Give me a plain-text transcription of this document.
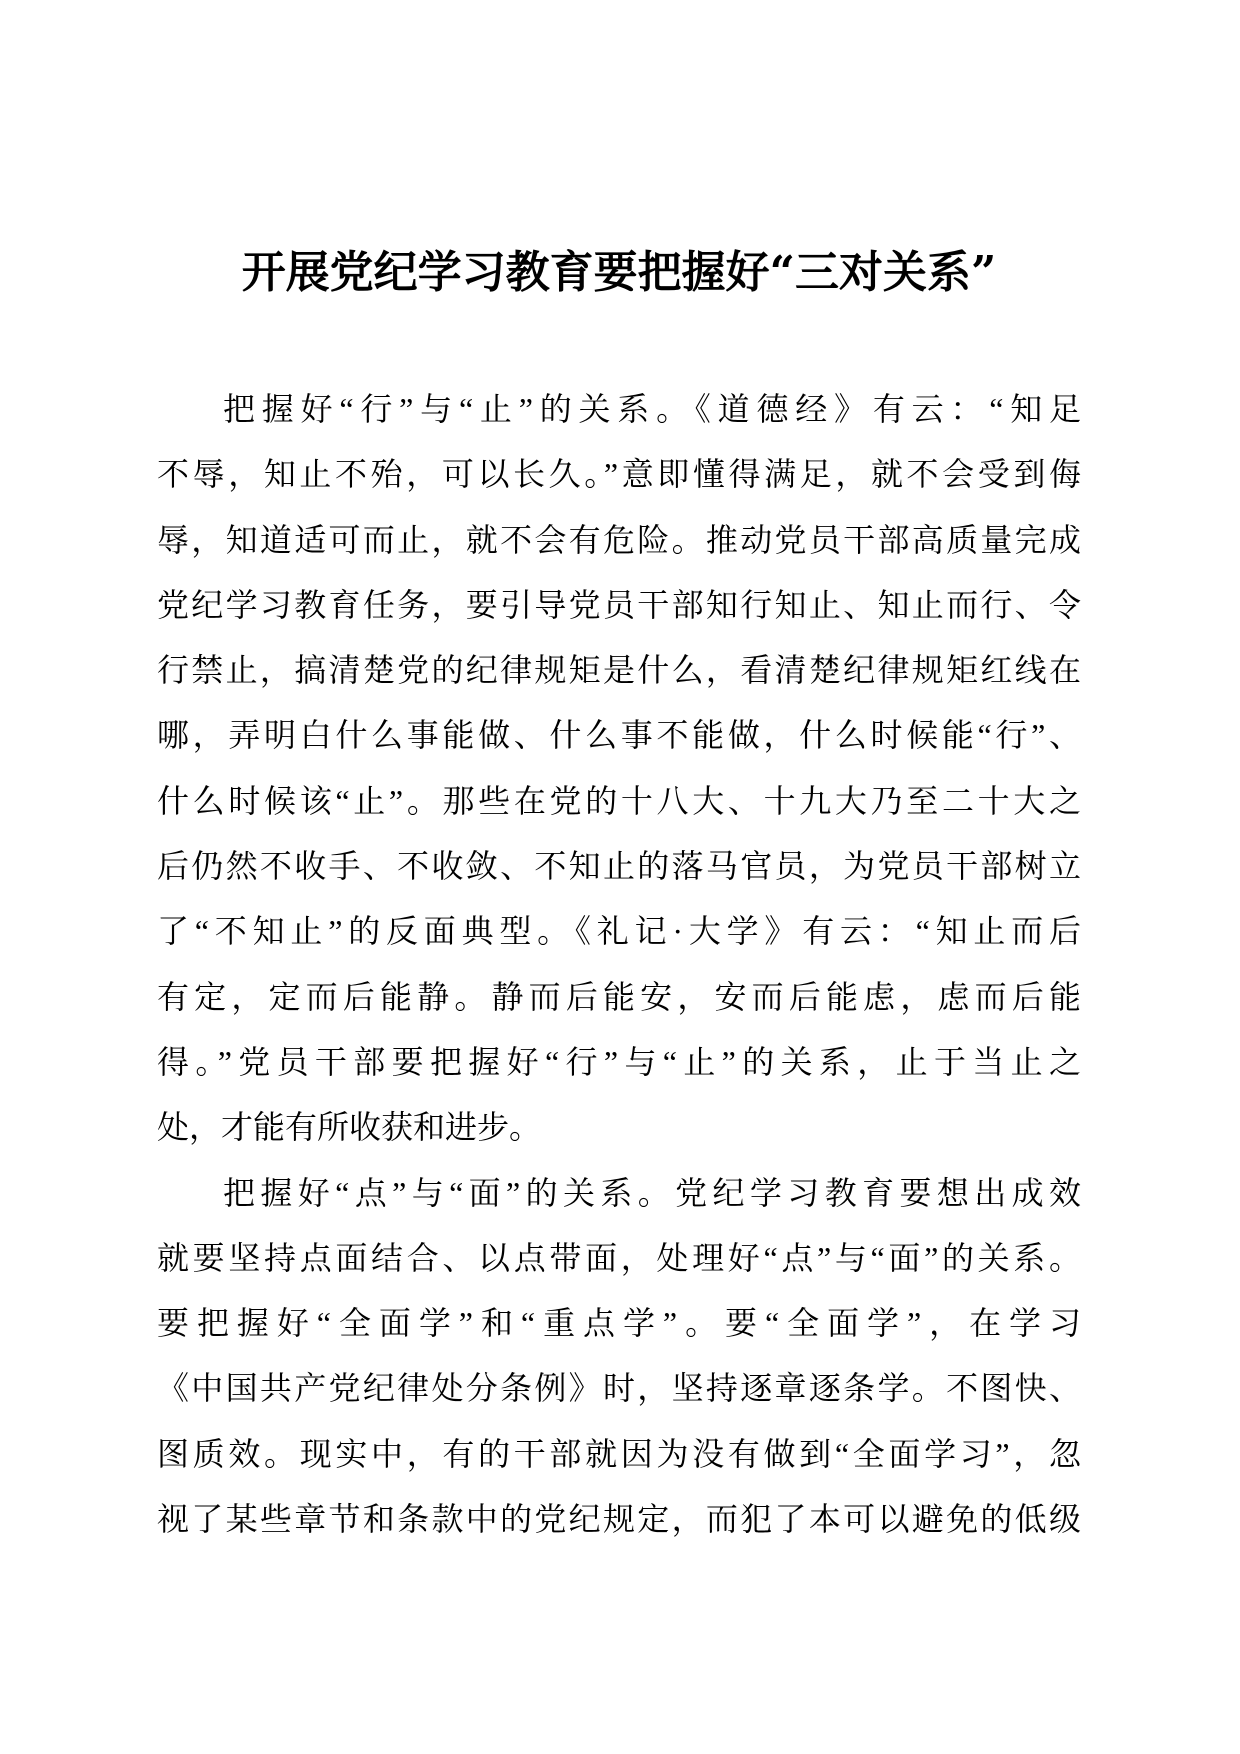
开展党纪学习教育要把握好“三对关系”
把握好“行”与“止”的关系。《道德经》有云：“知足
不辱，知止不殆，可以长久。”意即懂得满足，就不会受到侮
辱，知道适可而止，就不会有危险。推动党员干部高质量完成
党纪学习教育任务，要引导党员干部知行知止、知止而行、令
行禁止，搞清楚党的纪律规矩是什么，看清楚纪律规矩红线在
哪，弄明白什么事能做、什么事不能做，什么时候能“行”、
什么时候该“止”。那些在党的十八大、十九大乃至二十大之
后仍然不收手、不收敛、不知止的落马官员，为党员干部树立
了“不知止”的反面典型。《礼记·大学》有云：“知止而后
有定，定而后能静。静而后能安，安而后能虑，虑而后能
得。”党员干部要把握好“行”与“止”的关系，止于当止之
处，才能有所收获和进步。
把握好“点”与“面”的关系。党纪学习教育要想出成效
就要坚持点面结合、以点带面，处理好“点”与“面”的关系。
要把握好“全面学”和“重点学”。要“全面学”，在学习
《中国共产党纪律处分条例》时，坚持逐章逐条学。不图快、
图质效。现实中，有的干部就因为没有做到“全面学习”，忽
视了某些章节和条款中的党纪规定，而犯了本可以避免的低级
